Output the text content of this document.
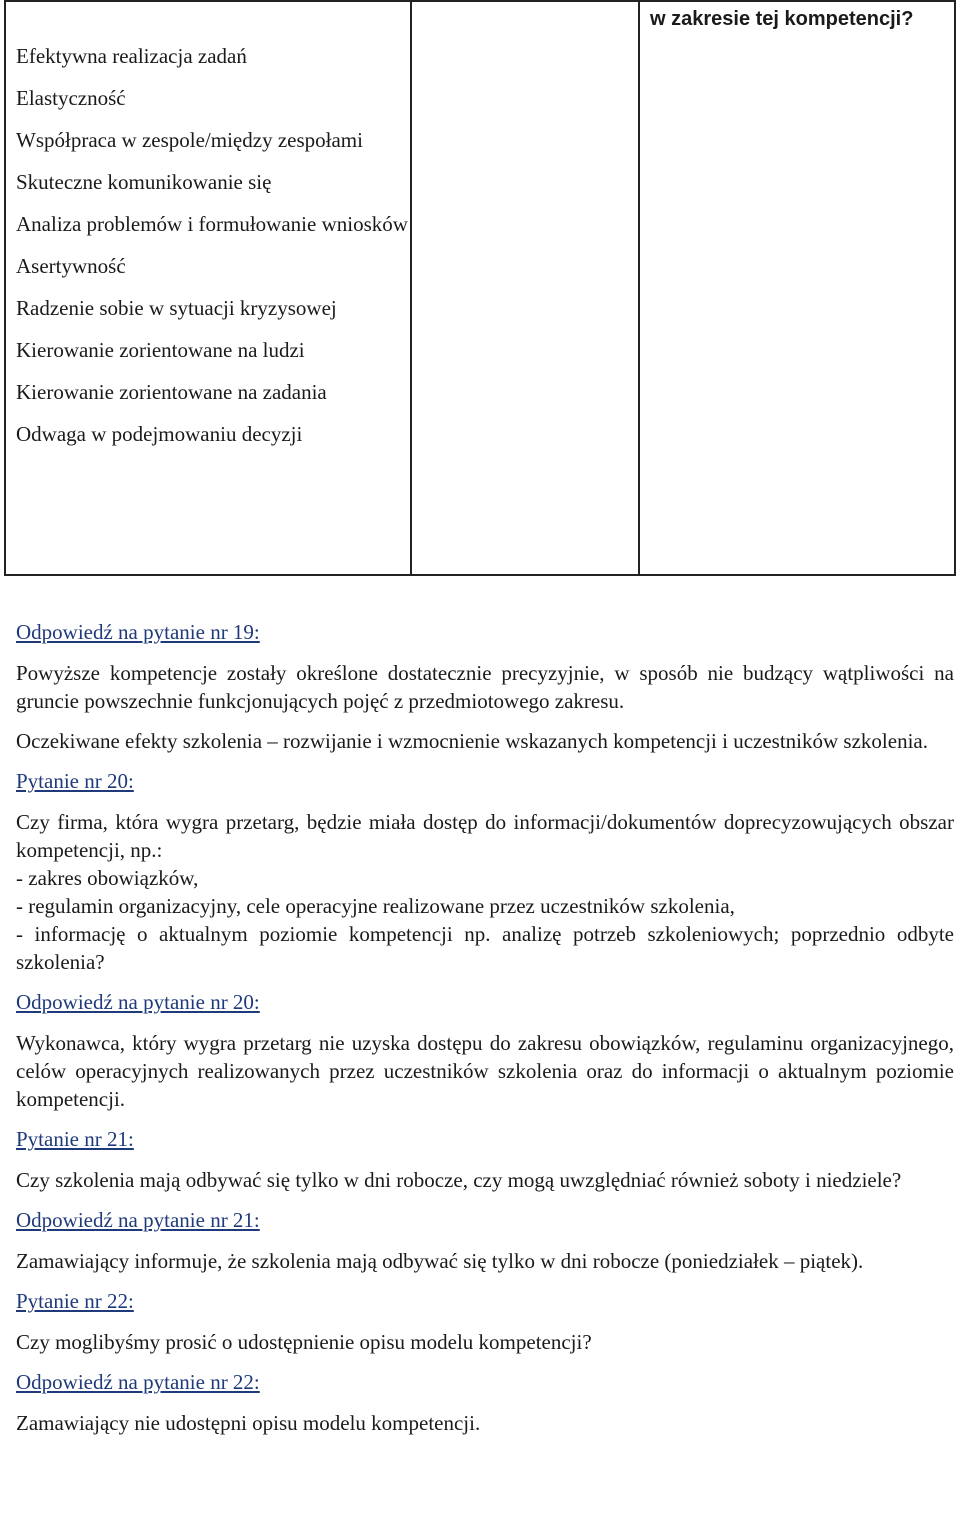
Efektywna realizacja zadań
Elastyczność
Współpraca w zespole/między zespołami
Skuteczne komunikowanie się
Analiza problemów i formułowanie wniosków
Asertywność
Radzenie sobie w sytuacji kryzysowej
Kierowanie zorientowane na ludzi
Kierowanie zorientowane na zadania
Odwaga w podejmowaniu decyzji
w zakresie tej kompetencji?
Odpowiedź na pytanie nr 19:

Powyższe kompetencje zostały określone dostatecznie precyzyjnie, w sposób nie budzący wątpliwości na gruncie powszechnie funkcjonujących pojęć z przedmiotowego zakresu.

Oczekiwane efekty szkolenia – rozwijanie i wzmocnienie wskazanych kompetencji i uczestników szkolenia.

Pytanie nr 20:

Czy firma, która wygra przetarg, będzie miała dostęp do informacji/dokumentów doprecyzowujących obszar kompetencji, np.:

- zakres obowiązków,
- regulamin organizacyjny, cele operacyjne realizowane przez uczestników szkolenia,

- informację o aktualnym poziomie kompetencji np. analizę potrzeb szkoleniowych; poprzednio odbyte szkolenia?

Odpowiedź na pytanie nr 20:

Wykonawca, który wygra przetarg nie uzyska dostępu do zakresu obowiązków, regulaminu organizacyjnego, celów operacyjnych realizowanych przez uczestników szkolenia oraz do informacji o aktualnym poziomie kompetencji.

Pytanie nr 21:

Czy szkolenia mają odbywać się tylko w dni robocze, czy mogą uwzględniać również soboty i niedziele?

Odpowiedź na pytanie nr 21:

Zamawiający informuje, że szkolenia mają odbywać się tylko w dni robocze (poniedziałek – piątek).

Pytanie nr 22:

Czy moglibyśmy prosić o udostępnienie opisu modelu kompetencji?

Odpowiedź na pytanie nr 22:

Zamawiający nie udostępni opisu modelu kompetencji.
